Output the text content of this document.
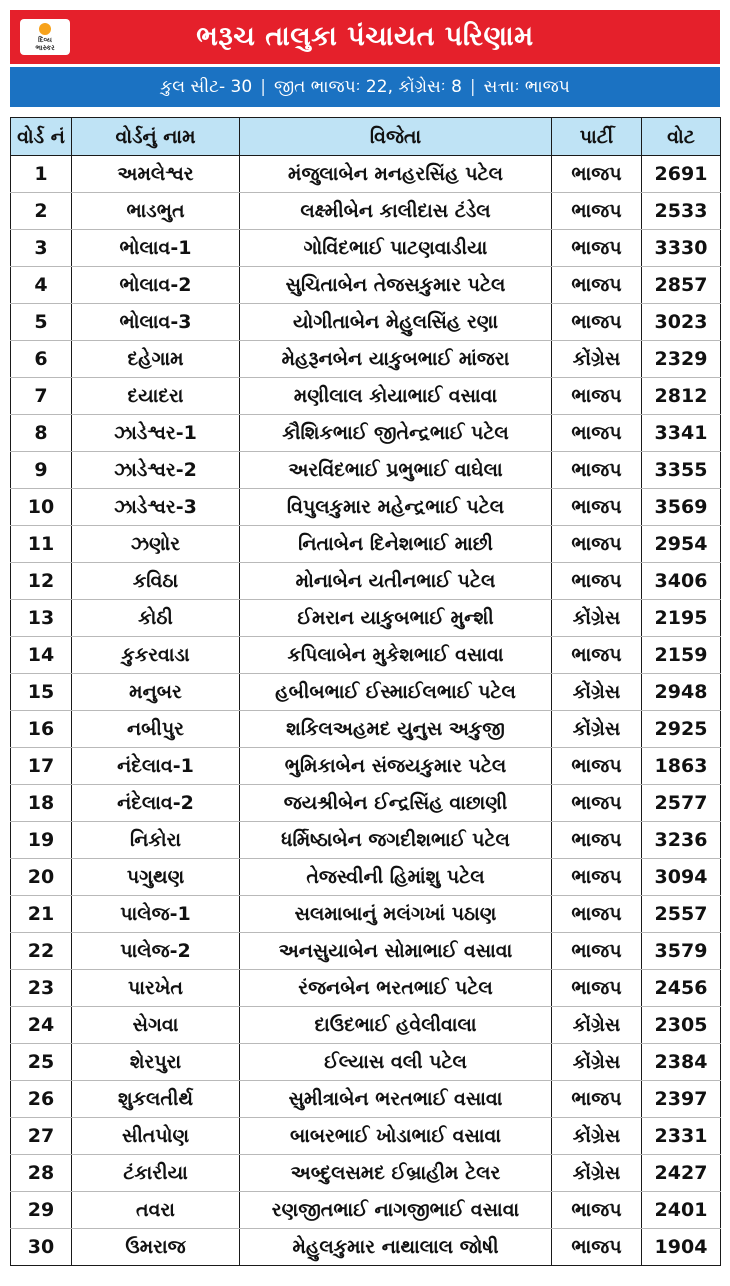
દિવ્ય
ભાસ્કર	ભરૂચ તાલુકા પંચાયત પરિણામ
કુલ સીટ- 30 | જીત ભાજપઃ 22, કોંગ્રેસઃ 8 | સત્તાઃ ભાજપ
વોર્ડ નં	વોર્ડનું નામ	વિજેતા	પાર્ટી	વોટ
1	અમલેશ્વર	મંજુલાબેન મનહરસિંહ પટેલ	ભાજપ	2691
2	ભાડભુત	લક્ષ્મીબેન કાલીદાસ ટંડેલ	ભાજપ	2533
3	ભોલાવ-1	ગોવિંદભાઈ પાટણવાડીયા	ભાજપ	3330
4	ભોલાવ-2	સુચિતાબેન તેજસકુમાર પટેલ	ભાજપ	2857
5	ભોલાવ-3	યોગીતાબેન મેહુલસિંહ રણા	ભાજપ	3023
6	દહેગામ	મેહરૂનબેન યાકુબભાઈ માંજરા	કોંગ્રેસ	2329
7	દયાદરા	મણીલાલ કોયાભાઈ વસાવા	ભાજપ	2812
8	ઝાડેશ્વર-1	કૌશિકભાઈ જીતેન્દ્રભાઈ પટેલ	ભાજપ	3341
9	ઝાડેશ્વર-2	અરવિંદભાઈ પ્રભુભાઈ વાઘેલા	ભાજપ	3355
10	ઝાડેશ્વર-3	વિપુલકુમાર મહેન્દ્રભાઈ પટેલ	ભાજપ	3569
11	ઝણોર	નિતાબેન દિનેશભાઈ માછી	ભાજપ	2954
12	કવિઠા	મોનાબેન યતીનભાઈ પટેલ	ભાજપ	3406
13	કોઠી	ઈમરાન યાકુબભાઈ મુન્શી	કોંગ્રેસ	2195
14	કુકરવાડા	કપિલાબેન મુકેશભાઈ વસાવા	ભાજપ	2159
15	મનુબર	હબીબભાઈ ઈસ્માઈલભાઈ પટેલ	કોંગ્રેસ	2948
16	નબીપુર	શકિલઅહમદ યુનુસ અકુજી	કોંગ્રેસ	2925
17	નંદેલાવ-1	ભુમિકાબેન સંજયકુમાર પટેલ	ભાજપ	1863
18	નંદેલાવ-2	જયશ્રીબેન ઈન્દ્રસિંહ વાછાણી	ભાજપ	2577
19	નિકોરા	ધર્મિષ્ઠાબેન જગદીશભાઈ પટેલ	ભાજપ	3236
20	પગુથણ	તેજસ્વીની હિમાંશુ પટેલ	ભાજપ	3094
21	પાલેજ-1	સલમાબાનું મલંગખાં પઠાણ	ભાજપ	2557
22	પાલેજ-2	અનસુયાબેન સોમાભાઈ વસાવા	ભાજપ	3579
23	પારખેત	રંજનબેન ભરતભાઈ પટેલ	ભાજપ	2456
24	સેગવા	દાઉદભાઈ હવેલીવાલા	કોંગ્રેસ	2305
25	શેરપુરા	ઈલ્યાસ વલી પટેલ	કોંગ્રેસ	2384
26	શુકલતીર્થ	સુમીત્રાબેન ભરતભાઈ વસાવા	ભાજપ	2397
27	સીતપોણ	બાબરભાઈ ખોડાભાઈ વસાવા	કોંગ્રેસ	2331
28	ટંકારીયા	અબ્દુલસમદ ઈબ્રાહીમ ટેલર	કોંગ્રેસ	2427
29	તવરા	રણજીતભાઈ નાગજીભાઈ વસાવા	ભાજપ	2401
30	ઉમરાજ	મેહુલકુમાર નાથાલાલ જોષી	ભાજપ	1904
